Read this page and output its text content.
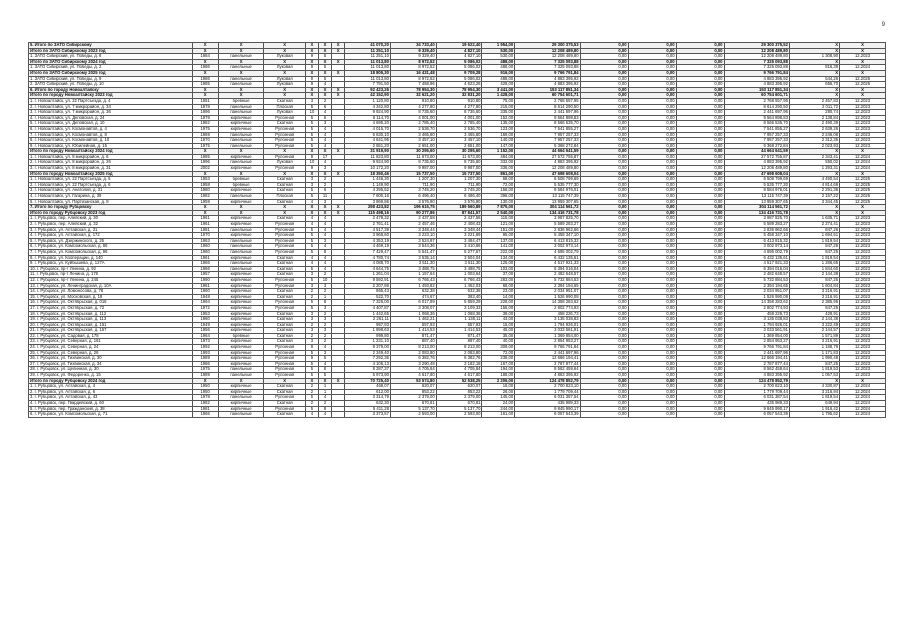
9
5. Итого по ЗАТО Сибирскому	X	X	X	X	X	X	41 070,20	34 733,40	19 622,40	1 954,00	29 300 375,53	0,00	0,00	0,00	29 300 375,52	X	X
Итого по ЗАТО Сибирскому 2023 год	X	X	X	X	X	X	11 251,10	9 329,40	4 827,10	530,00	12 208 489,80	0,00	0,00	0,00	12 208 489,80	X	X
1. ЗАТО Сибирский, ул. Победы, д. 8	1984	панельные	Луковая	9	5		11 251,10	9 329,40	4 827,10	530,00	12 208 489,80	0,00	0,00	0,00	12 208 489,80	1 308,90	12.2023
Итого по ЗАТО Сибирскому 2024 год	X	X	X	X	X	X	11 013,80	8 972,52	5 086,02	488,00	7 325 093,88	0,00	0,00	0,00	7 325 093,88	X	X
1. ЗАТО Сибирский, ул. Победы, д. 2	1986	панельные	Луковая	9	5		11 013,80	8 972,52	5 086,02	488,00	7 325 093,88	0,00	0,00	0,00	7 325 093,88	816,39	12.2024
Итого по ЗАТО Сибирскому 2025 год	X	X	X	X	X	X	18 805,30	16 431,48	9 709,28	916,00	9 766 791,84	0,00	0,00	0,00	9 766 791,84	X	X
1. ЗАТО Сибирский, ул. Победы, д. 9	1986	панельные	Луковая	9	5		11 013,80	8 972,52	5 086,02	488,00	4 883 395,92	0,00	0,00	0,00	4 883 395,92	544,26	12.2025
2. ЗАТО Сибирский, ул. Победы, д. 10	1985	панельные	Луковая	9	4		7 791,50	7 458,96	4 623,26	428,00	4 883 395,92	0,00	0,00	0,00	4 883 395,92	656,70	12.2025
6. Итого по городу Новоалтайску	X	X	X	X	X	X	92 423,26	78 954,30	78 954,30	3 441,00	153 117 851,34	0,00	0,00	0,00	153 117 851,34	X	X
Итого по городу Новоалтайску 2023 год	X	X	X	X	X	X	42 152,90	32 621,20	32 831,20	1 428,00	60 754 601,71	0,00	0,00	0,00	60 754 601,71	X	X
1. г. Новоалтайск, ул. 22 Партсъезда, д. 4	1951	бревные	Скатная	3	2		1 120,80	910,80	910,80	75,00	2 768 557,95	0,00	0,00	0,00	2 768 557,95	2 457,83	12.2023
2. г. Новоалтайск, ул. 7 микрорайон, д. 34	1978	панельные	Плоская	5	6		4 342,80	4 277,80	4 277,80	215,00	8 614 290,50	0,00	0,00	0,00	8 614 290,50	2 011,72	12.2023
3. г. Новоалтайск, ул. 7 микрорайон, д. 36	1996	панельные	Луковая	10	4		9 924,90	8 735,60	8 735,60	335,00	2 441 697,96	0,00	0,00	0,00	2 441 697,96	280,74	12.2023
4. г. Новоалтайск, ул. Деповская, д. 24	1978	кирпичные	Рулонная	5	6		6 114,70	4 001,00	4 001,00	152,00	9 564 898,83	0,00	0,00	0,00	9 564 898,83	2 138,84	12.2023
5. г. Новоалтайск, ул. Деповская, д. 10	1982	кирпичные	Скатная	5	3		4 695,20	2 785,40	2 785,40	135,00	8 566 535,70	0,00	0,00	0,00	8 566 535,70	2 490,39	12.2023
6. г. Новоалтайск, ул. Космонавтов, д. 4	1975	кирпичные	Рулонная	5	4		4 015,70	2 536,70	2 536,70	123,00	7 541 855,27	0,00	0,00	0,00	7 541 855,27	2 639,26	12.2023
7. г. Новоалтайск, ул. Космонавтов, д. 8	1969	панельные	Рулонная	5	4		6 630,10	3 465,80	3 465,80	169,00	7 957 257,33	0,00	0,00	0,00	7 957 257,33	2 246,08	12.2023
8. г. Новоалтайск, ул. Космонавтов, д. 10	1970	панельные	Рулонная	5	4		4 641,95	3 457,10	3 457,10	140,00	7 957 257,33	0,00	0,00	0,00	7 957 257,33	2 312,35	12.2023
9. г. Новоалтайск, ул. Юбилейная, д. 15	1975	панельные	Рулонная	5	4		2 651,20	2 651,00	2 651,00	147,00	5 368 272,84	0,00	0,00	0,00	5 368 272,84	2 023,93	12.2023
Итого по городу Новоалтайску 2024 год	X	X	X	X	X	X	31 919,90	30 295,60	30 295,60	1 152,00	44 664 641,59	0,00	0,00	0,00	44 664 641,59	X	X
1. г. Новоалтайск, ул. 8 микрорайон, д. 6	1985	кирпичные	Рулонная	9	17		11 823,80	11 673,00	11 673,00	484,00	27 572 755,87	0,00	0,00	0,00	27 572 755,87	2 343,41	12.2024
2. г. Новоалтайск, ул. 8 микрорайон, д. 26	1996	панельные	Луковая	10	4		9 924,90	8 735,60	8 735,60	332,00	4 883 395,92	0,00	0,00	0,00	4 883 395,92	550,02	12.2024
3. г. Новоалтайск, ул. 8 микрорайон, д. 31	2002	кирпичные	Рулонная	9	3		10 172,20	9 987,00	9 987,00	336,00	12 208 489,80	0,00	0,00	0,00	12 208 489,80	1 293,31	12.2024
Итого по городу Новоалтайску 2025 год	X	X	X	X	X	X	18 350,46	15 737,50	15 737,50	861,00	47 698 608,04	0,00	0,00	0,00	47 698 608,04	X	X
1. г. Новоалтайск, ул. 22 Партсъезда, д. 5	1953	бревные	Скатная	3	2		1 446,30	1 207,30	1 207,30	68,00	6 508 799,69	0,00	0,00	0,00	6 508 799,69	4 490,54	12.2025
2. г. Новоалтайск, ул. 22 Партсъезда, д. 6	1958	бревные	Скатная	3	2		1 149,90	711,90	711,90	72,00	5 535 777,30	0,00	0,00	0,00	5 535 777,30	4 814,69	12.2025
3. г. Новоалтайск, ул. Анатолия, д. 31	1980	кирпичные	Скатная	5	6		4 295,52	3 745,20	3 745,20	156,00	8 584 976,01	0,00	0,00	0,00	8 584 976,01	2 291,36	12.2025
4. г. Новоалтайск, ул. Гагарина, д. 39	1982	панельные	Плоская	5	11		7 600,16	6 496,40	6 496,40	396,00	13 115 747,39	0,00	0,00	0,00	13 115 747,39	2 157,22	12.2025
5. г. Новоалтайск, ул. Партизанская, д. 8	1959	кирпичные	Скатная	4	3		3 869,86	3 576,90	3 576,90	130,00	13 959 307,65	0,00	0,00	0,00	13 959 307,65	3 344,45	12.2025
7. Итого по городу Рубцовску	X	X	X	X	X	X	298 423,82	196 615,75	189 560,89	7 875,00	304 114 561,72	0,00	0,00	0,00	304 114 561,72	X	X
Итого по городу Рубцовску 2023 год	X	X	X	X	X	X	115 498,16	90 277,86	87 841,57	2 540,00	134 416 731,78	0,00	0,00	0,00	134 416 731,78	X	X
1. г. Рубцовск, пер. Алейский, д. 30	1961	кирпичные	Скатная	4	4		2 479,32	2 437,58	2 437,58	115,00	3 987 825,70	0,00	0,00	0,00	3 987 825,70	1 635,71	12.2023
2. г. Рубцовск, пер. Алейский, д. 32	1961	кирпичные	Рулонная	4	4		2 761,41	2 457,46	2 408,43	121,00	5 589 283,27	0,00	0,00	0,00	5 589 283,27	2 274,41	12.2023
3. г. Рубцовск, ул. Алтайская, д. 31	1981	панельные	Рулонная	5	4		4 517,39	3 348,44	3 348,44	151,00	2 836 962,66	0,00	0,00	0,00	2 836 962,66	847,26	12.2023
4. г. Рубцовск, ул. Алтайская, д. 172	1970	кирпичные	Рулонная	5	4		3 968,60	3 223,10	3 221,89	95,00	5 458 347,10	0,00	0,00	0,00	5 458 347,10	1 694,51	12.2023
5. г. Рубцовск, ул. Дзержинского, д. 25	1963	панельные	Рулонная	5	3		4 353,19	3 524,97	3 484,47	137,00	6 413 815,32	0,00	0,00	0,00	6 413 815,32	1 819,54	12.2023
6. г. Рубцовск, ул. Комсомольская, д. 86	1960	панельные	Рулонная	5	4		4 469,19	3 544,36	3 410,86	141,00	3 002 973,14	0,00	0,00	0,00	3 002 973,14	847,26	12.2023
7. г. Рубцовск, ул. Комсомольская, д. 96	1960	панельные	Рулонная	5	8		7 429,47	5 541,47	5 277,67	222,00	4 695 002,79	0,00	0,00	0,00	4 695 002,79	847,25	12.2023
8. г. Рубцовск, ул. Кооперации, д. 140	1961	кирпичные	Скатная	4	4		4 780,74	3 535,14	3 504,04	134,00	6 432 135,61	0,00	0,00	0,00	6 432 135,61	1 819,54	12.2023
9. г. Рубцовск, ул. Куйбышева, д. 127А	1966	панельные	Скатная	4	4		4 088,70	3 511,30	3 511,30	125,00	4 517 921,33	0,00	0,00	0,00	4 517 921,33	1 286,65	12.2023
10. г. Рубцовск, пр-т Ленина, д. 92	1966	панельные	Скатная	5	4		4 644,75	3 488,75	3 488,75	103,00	6 394 016,04	0,00	0,00	0,00	6 394 016,04	1 844,60	12.2023
11. г. Рубцовск, пр-т Ленина, д. 178	1957	кирпичные	Скатная	3	2		1 261,04	1 157,64	1 003,64	37,00	2 482 648,57	0,00	0,00	0,00	2 482 648,57	2 144,38	12.2023
12. г. Рубцовск, пр-т Ленина, д. 245	1990	кирпичные	Рулонная	5	10		9 592,91	6 766,43	6 766,43	283,00	5 732 884,53	0,00	0,00	0,00	5 732 884,53	847,25	12.2023
13. г. Рубцовск, ул. Ленинградская, д. 10А	1961	кирпичные	Рулонная	3	3		2 207,86	1 493,82	1 452,03	68,00	2 394 194,65	0,00	0,00	0,00	2 394 194,65	1 604,84	12.2023
14. г. Рубцовск, ул. Ломоносова, д. 78	1960	кирпичные	Скатная	2	2		865,43	632,38	632,38	23,00	2 034 951,07	0,00	0,00	0,00	2 034 951,07	3 216,91	12.2023
15. г. Рубцовск, ул. Московская, д. 19	1948	кирпичные	Скатная	2	1		522,70	474,67	383,40	14,00	1 526 990,08	0,00	0,00	0,00	1 526 990,08	3 216,91	12.2023
16. г. Рубцовск, ул. Октябрьская, д. 016	1994	кирпичные	Рулонная	5	8		7 325,00	6 017,99	5 859,29	228,00	14 358 283,62	0,00	0,00	0,00	14 358 283,62	2 385,95	12.2023
17. г. Рубцовск, ул. Октябрьская, д. 72	1972	кирпичные	Рулонная	5	3		4 407,87	3 308,07	3 109,33	156,00	2 802 774,93	0,00	0,00	0,00	2 802 774,93	847,25	12.2023
18. г. Рубцовск, ул. Октябрьская, д. 112	1953	кирпичные	Скатная	3	2		1 442,65	1 068,36	1 068,36	39,00	458 226,73	0,00	0,00	0,00	458 226,73	428,91	12.2023
19. г. Рубцовск, ул. Октябрьская, д. 113	1960	кирпичные	Скатная	3	3		2 261,11	1 462,21	1 138,11	43,00	3 135 038,83	0,00	0,00	0,00	3 135 038,83	2 144,38	12.2023
20. г. Рубцовск, ул. Октябрьская, д. 151	1949	кирпичные	Скатная	2	2		957,93	557,93	557,93	15,00	1 794 926,01	0,00	0,00	0,00	1 794 926,01	3 222,49	12.2023
21. г. Рубцовск, ул. Октябрьская, д. 157	1956	кирпичные	Скатная	3	3		1 898,63	1 414,53	1 414,53	45,00	3 033 561,91	0,00	0,00	0,00	3 033 561,91	2 144,57	12.2023
22. г. Рубцовск, ул. Садовая, д. 178	1964	бревные	Скатная	2	2		999,80	871,47	871,47	35,00	1 369 854,00	0,00	0,00	0,00	1 369 854,00	1 571,89	12.2023
23. г. Рубцовск, ул. Северная, д. 161	1973	кирпичные	Скатная	3	2		1 231,10	887,40	887,40	40,00	2 854 953,27	0,00	0,00	0,00	2 854 953,27	3 216,91	12.2023
24. г. Рубцовск, ул. Северная, д. 24	1992	кирпичные	Рулонная	9	4		9 379,00	8 213,00	8 213,00	309,00	9 766 791,84	0,00	0,00	0,00	9 766 791,84	1 188,79	12.2023
25. г. Рубцовск, ул. Северная, д. 28	1993	кирпичные	Рулонная	5	3		2 349,40	2 083,80	2 083,80	72,00	2 441 697,96	0,00	0,00	0,00	2 441 697,96	1 171,83	12.2023
26. г. Рубцовск, ул. Тихвинская, д. 30	1989	кирпичные	Рулонная	9	5		7 292,36	6 382,76	6 382,76	238,00	12 666 194,41	0,00	0,00	0,00	12 666 194,41	1 990,48	12.2023
27. г. Рубцовск, ул. Тихвинская, д. 34	1986	кирпичные	Рулонная	5	4		4 106,13	3 290,48	3 182,18	167,00	2 787 877,44	0,00	0,00	0,00	2 787 877,44	847,25	12.2023
28. г. Рубцовск, ул. Целинная, д. 30	1975	панельные	Рулонная	5	8		8 287,37	4 705,84	4 705,84	194,00	8 562 459,64	0,00	0,00	0,00	8 562 459,64	1 819,53	12.2023
29. г. Рубцовск, ул. Федоренко, д. 15	1989	панельные	Рулонная	5	5		5 973,90	4 617,80	4 617,80	188,00	4 883 395,92	0,00	0,00	0,00	4 883 395,92	1 057,53	12.2023
Итого по городу Рубцовску 2024 год	X	X	X	X	X	X	70 725,40	53 574,80	52 538,25	2 206,00	124 478 852,79	0,00	0,00	0,00	124 478 852,79	X	X
1. г. Рубцовск, ул. Алтайская, д. 4	1950	кирпичные	Скатная	2	1		468,07	620,07	620,07	16,00	2 700 823,10	0,00	0,00	0,00	2 700 823,10	4 330,87	12.2024
2. г. Рубцовск, ул. Алтайская, д. 6	1950	кирпичные	Скатная	2	1		612,00	853,22	853,22	26,00	1 779 709,44	0,00	0,00	0,00	1 779 709,44	3 216,94	12.2024
3. г. Рубцовск, ул. Алтайская, д. 43	1978	панельные	Рулонная	5	4		3 314,79	2 379,00	2 379,00	145,00	6 031 387,54	0,00	0,00	0,00	6 031 387,54	1 819,54	12.2024
4. г. Рубцовск, пер. Гвардейский, д. 60	1982	кирпичные	Скатная	2	2		632,30	670,81	670,81	24,00	435 989,33	0,00	0,00	0,00	435 989,33	649,94	12.2024
5. г. Рубцовск, пер. Гражданский, д. 38	1981	кирпичные	Рулонная	5	8		5 411,28	5 137,70	5 137,70	244,00	9 845 990,17	0,00	0,00	0,00	9 845 990,17	1 916,42	12.2024
6. г. Рубцовск, ул. Комсомольская, д. 71	1966	панельные	Скатная	4	4		3 373,57	2 593,00	2 593,00	161,00	6 057 543,39	0,00	0,00	0,00	6 057 543,39	1 795,62	12.2024
